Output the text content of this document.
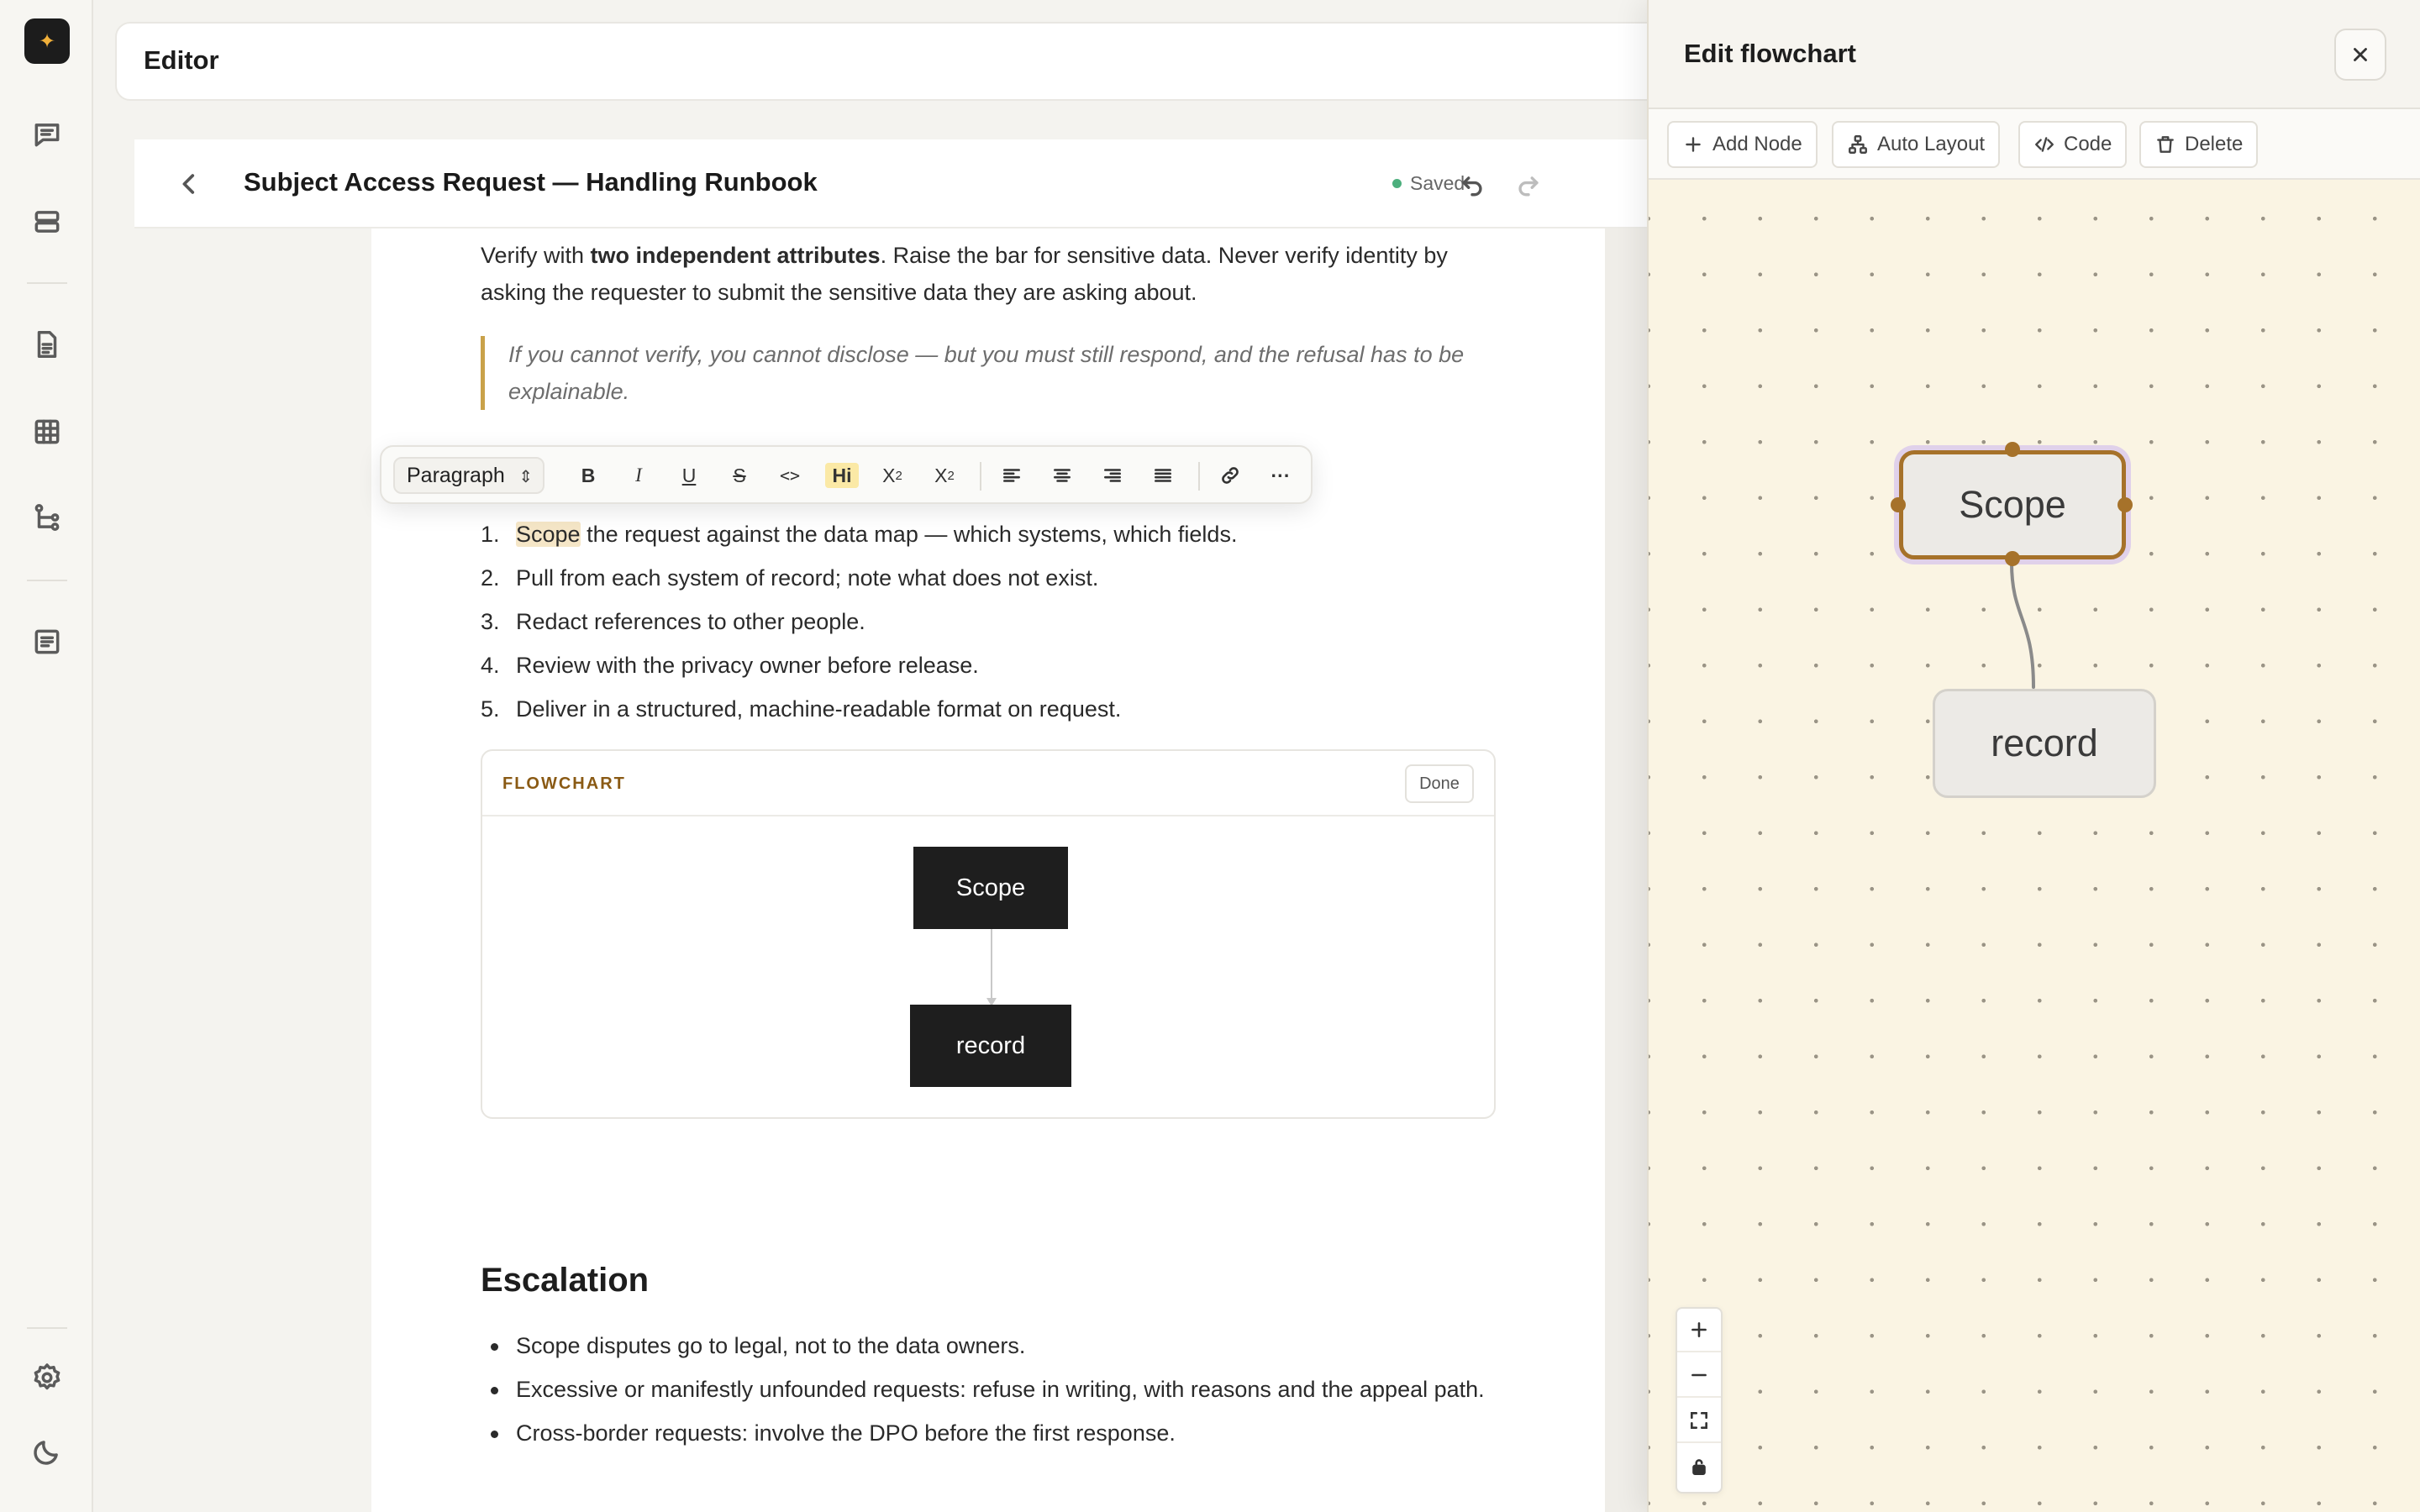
✦
Editor
Subject Access Request — Handling Runbook	Saved
Verify with two independent attributes. Raise the bar for sensitive data. Never verify identity by asking the requester to submit the sensitive data they are asking about.
If you cannot verify, you cannot disclose — but you must still respond, and the refusal has to be explainable.
1. Scope the request against the data map — which systems, which fields.
2. Pull from each system of record; note what does not exist.
3. Redact references to other people.
4. Review with the privacy owner before release.
5. Deliver in a structured, machine-readable format on request.
FLOWCHART	Done
Scope
record
Escalation
Scope disputes go to legal, not to the data owners.
Excessive or manifestly unfounded requests: refuse in writing, with reasons and the appeal path.
Cross-border requests: involve the DPO before the first response.
Paragraph ⇕	B	I	U	S	<>	Hi	X 2 X 2	···
Edit flowchart
Add Node	Auto Layout	Code	Delete
Scope
record
